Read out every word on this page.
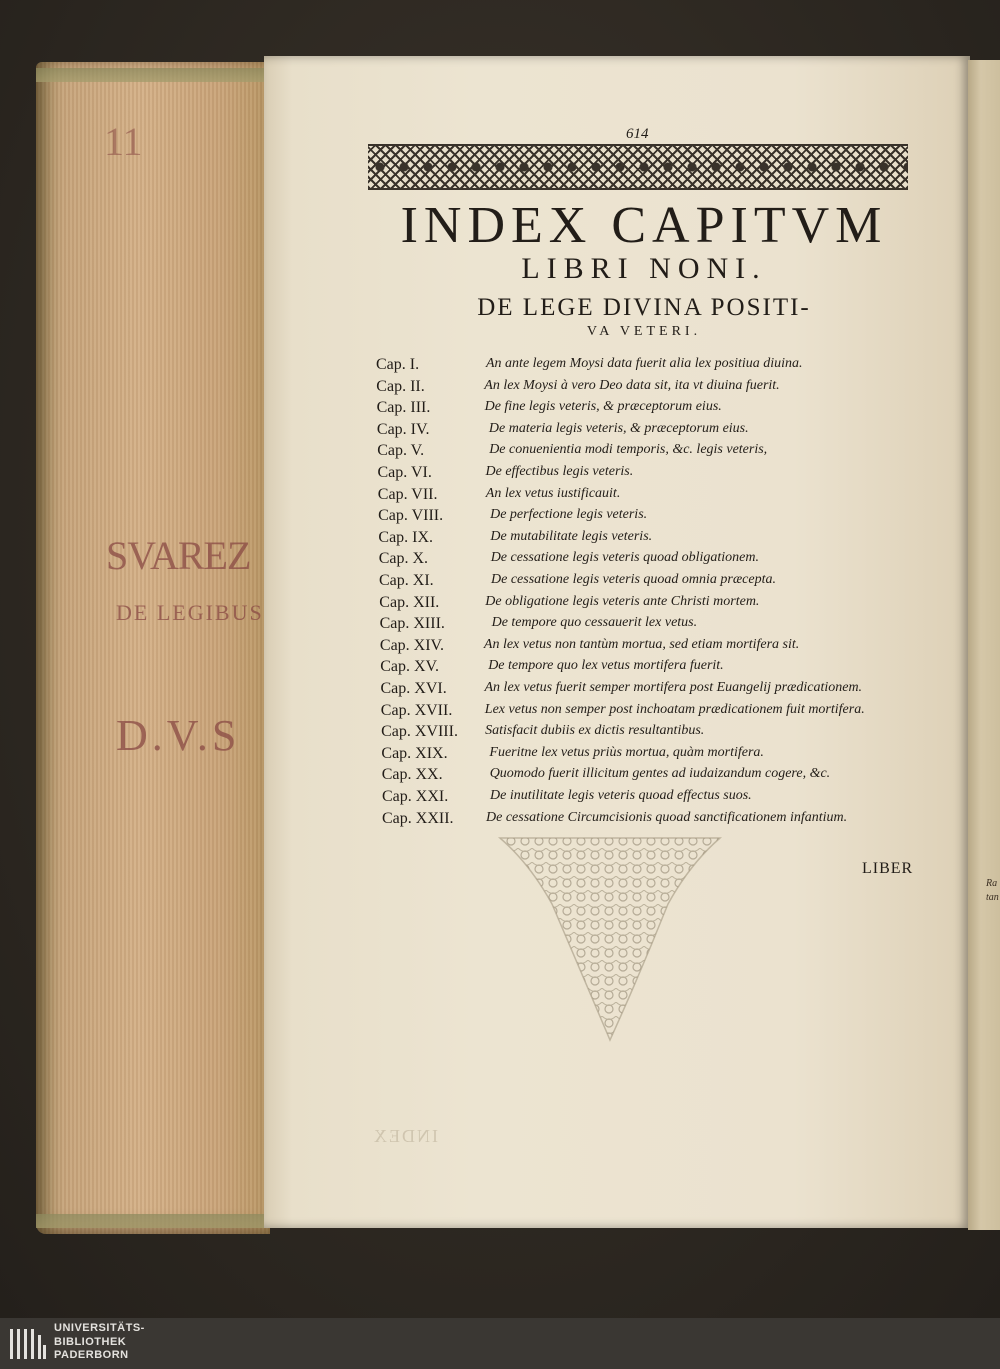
11
SVAREZ
DE LEGIBUS
D.V.S
614
INDEX CAPITVM
LIBRI NONI.
DE LEGE DIVINA POSITI-
VA VETERI.
Cap. I.	An ante legem Moysi data fuerit alia lex positiua diuina.
Cap. II.	An lex Moysi à vero Deo data sit, ita vt diuina fuerit.
Cap. III.	De fine legis veteris, & præceptorum eius.
Cap. IV.	De materia legis veteris, & præceptorum eius.
Cap. V.	De conuenientia modi temporis, &c. legis veteris,
Cap. VI.	De effectibus legis veteris.
Cap. VII.	An lex vetus iustificauit.
Cap. VIII.	De perfectione legis veteris.
Cap. IX.	De mutabilitate legis veteris.
Cap. X.	De cessatione legis veteris quoad obligationem.
Cap. XI.	De cessatione legis veteris quoad omnia præcepta.
Cap. XII.	De obligatione legis veteris ante Christi mortem.
Cap. XIII.	De tempore quo cessauerit lex vetus.
Cap. XIV.	An lex vetus non tantùm mortua, sed etiam mortifera sit.
Cap. XV.	De tempore quo lex vetus mortifera fuerit.
Cap. XVI.	An lex vetus fuerit semper mortifera post Euangelij prædicationem.
Cap. XVII. Lex vetus non semper post inchoatam prædicationem fuit mortifera.
Cap. XVIII. Satisfacit dubiis ex dictis resultantibus.
Cap. XIX.	Fueritne lex vetus priùs mortua, quàm mortifera.
Cap. XX.	Quomodo fuerit illicitum gentes ad iudaizandum cogere, &c.
Cap. XXI.	De inutilitate legis veteris quoad effectus suos.
Cap. XXII. De cessatione Circumcisionis quoad sanctificationem infantium.
LIBER
INDEX
Ra
tan
UNIVERSITÄTS-
BIBLIOTHEK
PADERBORN
